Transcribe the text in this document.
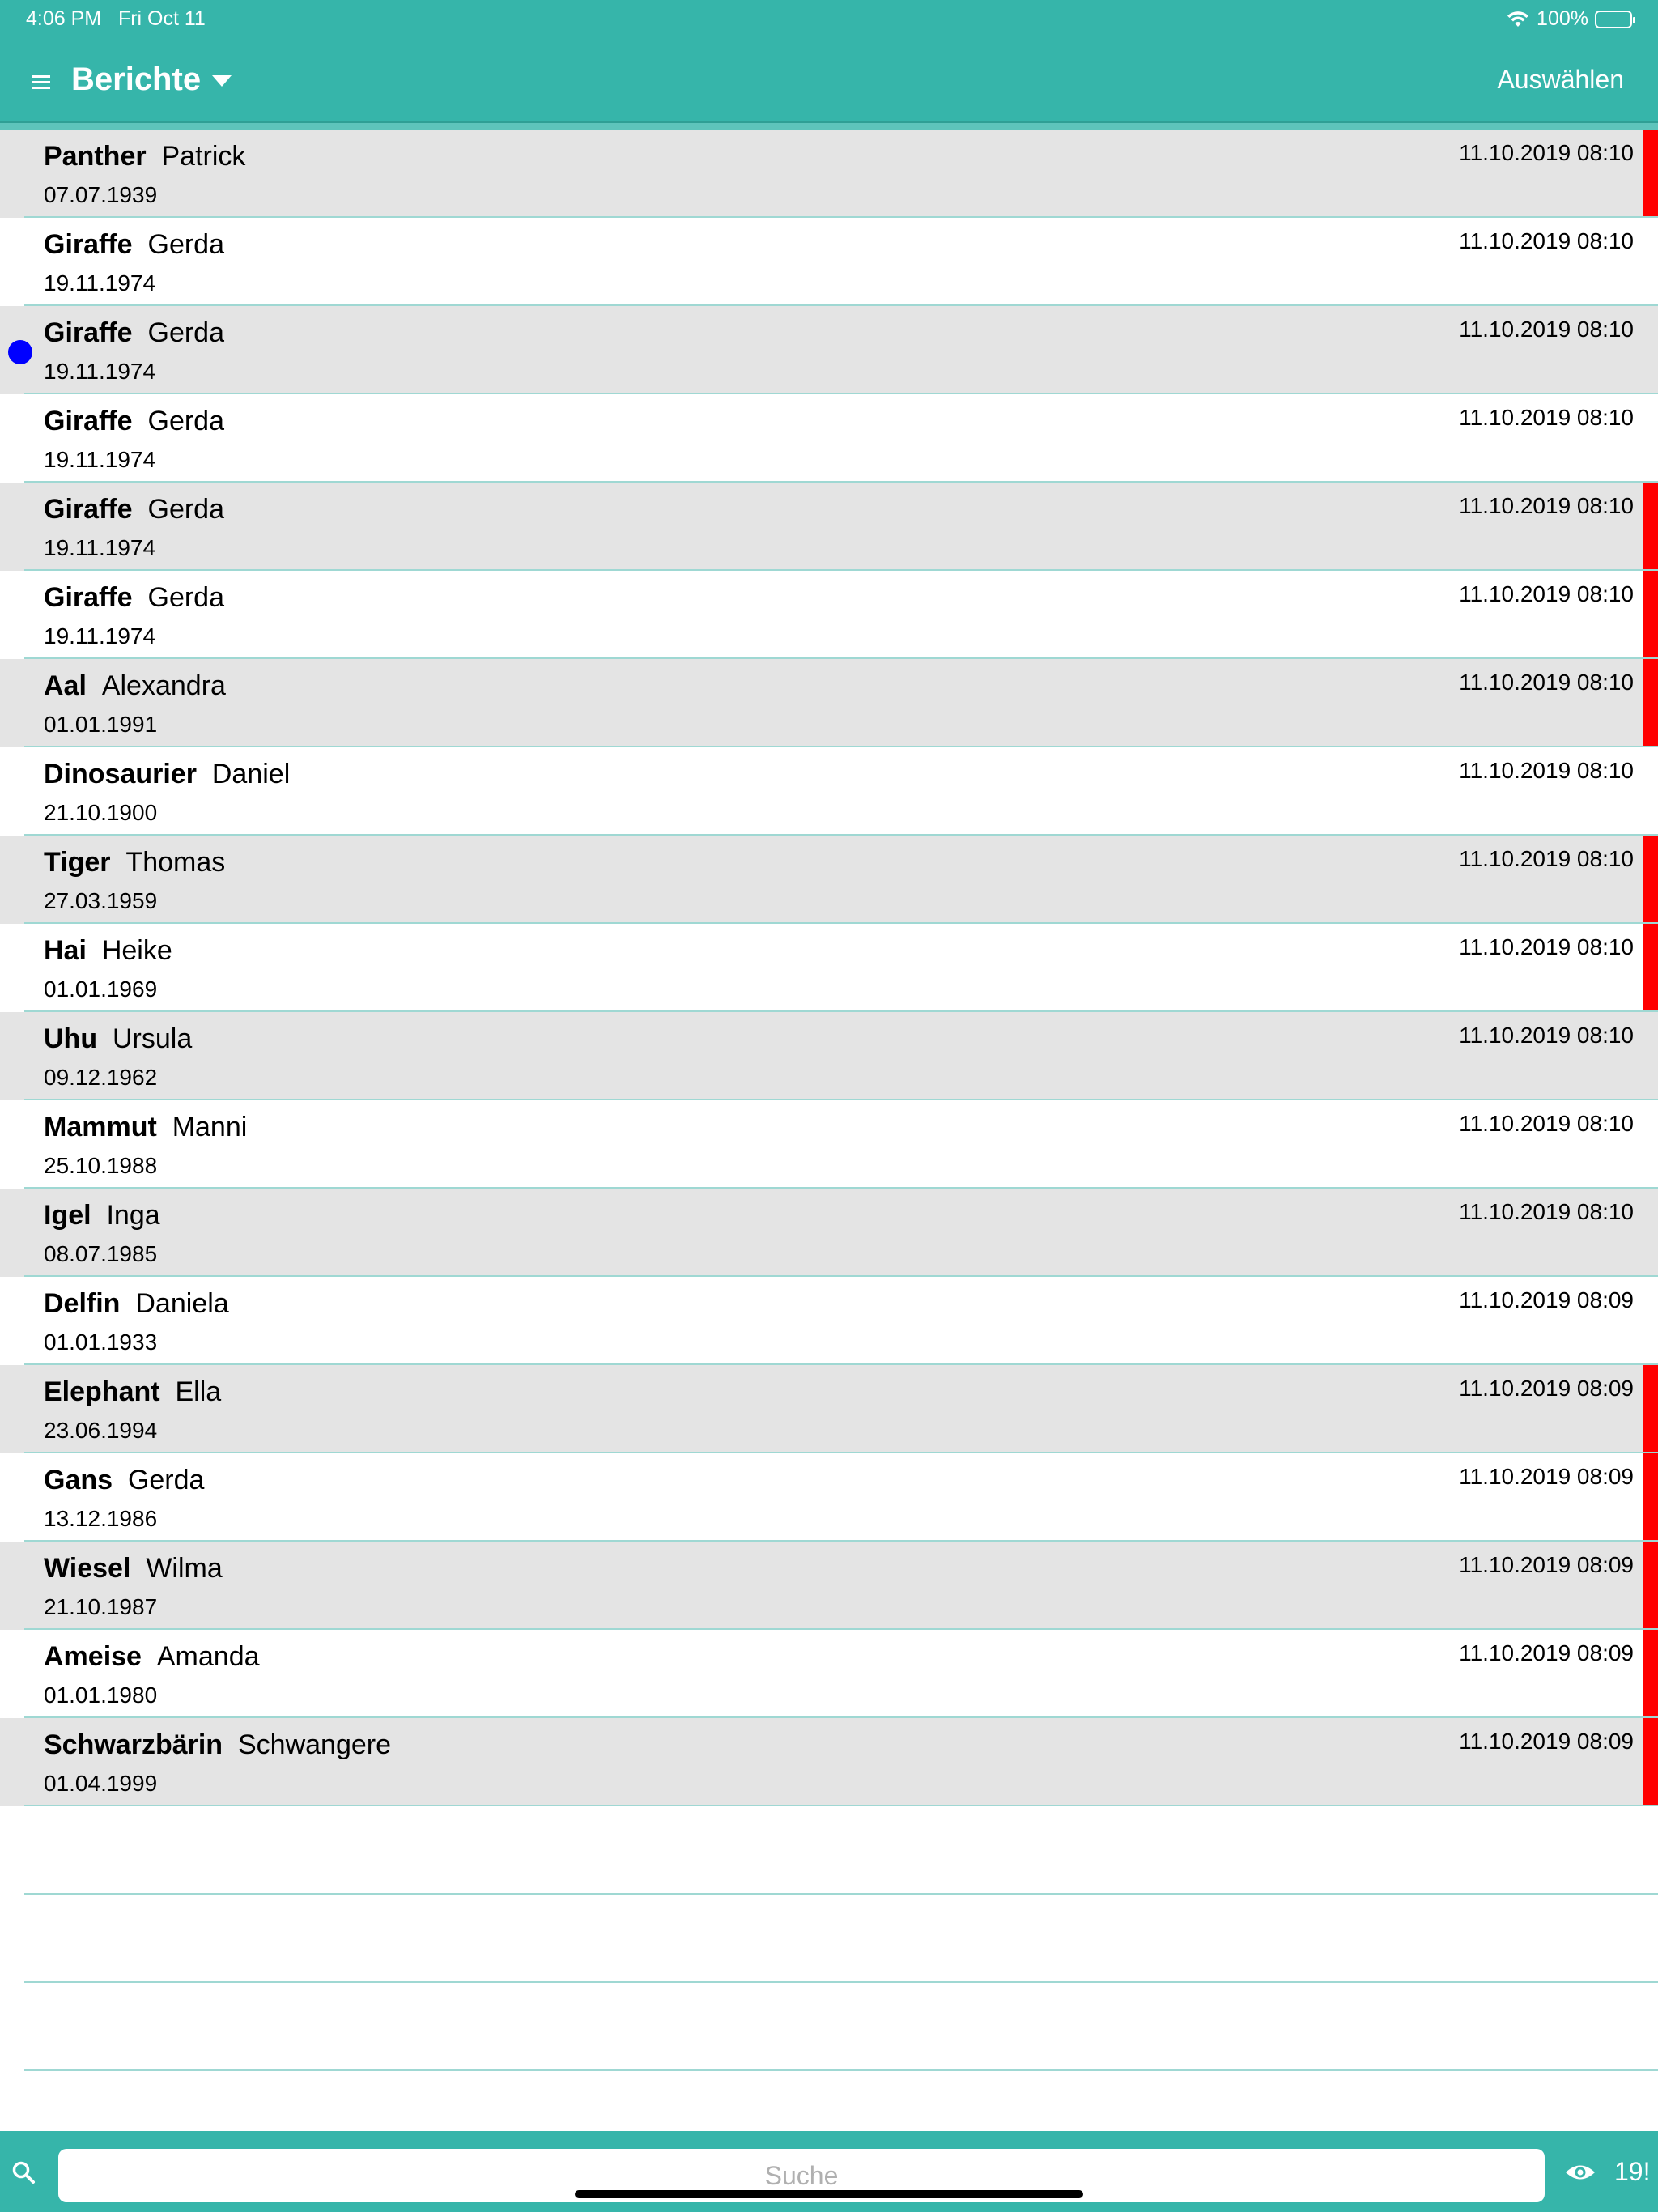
4:06 PM Fri Oct 11	100%
Berichte	Auswählen
Panther Patrick
07.07.1939
11.10.2019 08:10
Giraffe Gerda
19.11.1974
11.10.2019 08:10
Giraffe Gerda
19.11.1974
11.10.2019 08:10
Giraffe Gerda
19.11.1974
11.10.2019 08:10
Giraffe Gerda
19.11.1974
11.10.2019 08:10
Giraffe Gerda
19.11.1974
11.10.2019 08:10
Aal Alexandra
01.01.1991
11.10.2019 08:10
Dinosaurier Daniel
21.10.1900
11.10.2019 08:10
Tiger Thomas
27.03.1959
11.10.2019 08:10
Hai Heike
01.01.1969
11.10.2019 08:10
Uhu Ursula
09.12.1962
11.10.2019 08:10
Mammut Manni
25.10.1988
11.10.2019 08:10
Igel Inga
08.07.1985
11.10.2019 08:10
Delfin Daniela
01.01.1933
11.10.2019 08:09
Elephant Ella
23.06.1994
11.10.2019 08:09
Gans Gerda
13.12.1986
11.10.2019 08:09
Wiesel Wilma
21.10.1987
11.10.2019 08:09
Ameise Amanda
01.01.1980
11.10.2019 08:09
Schwarzbärin Schwangere
01.04.1999
11.10.2019 08:09
Suche
19!
